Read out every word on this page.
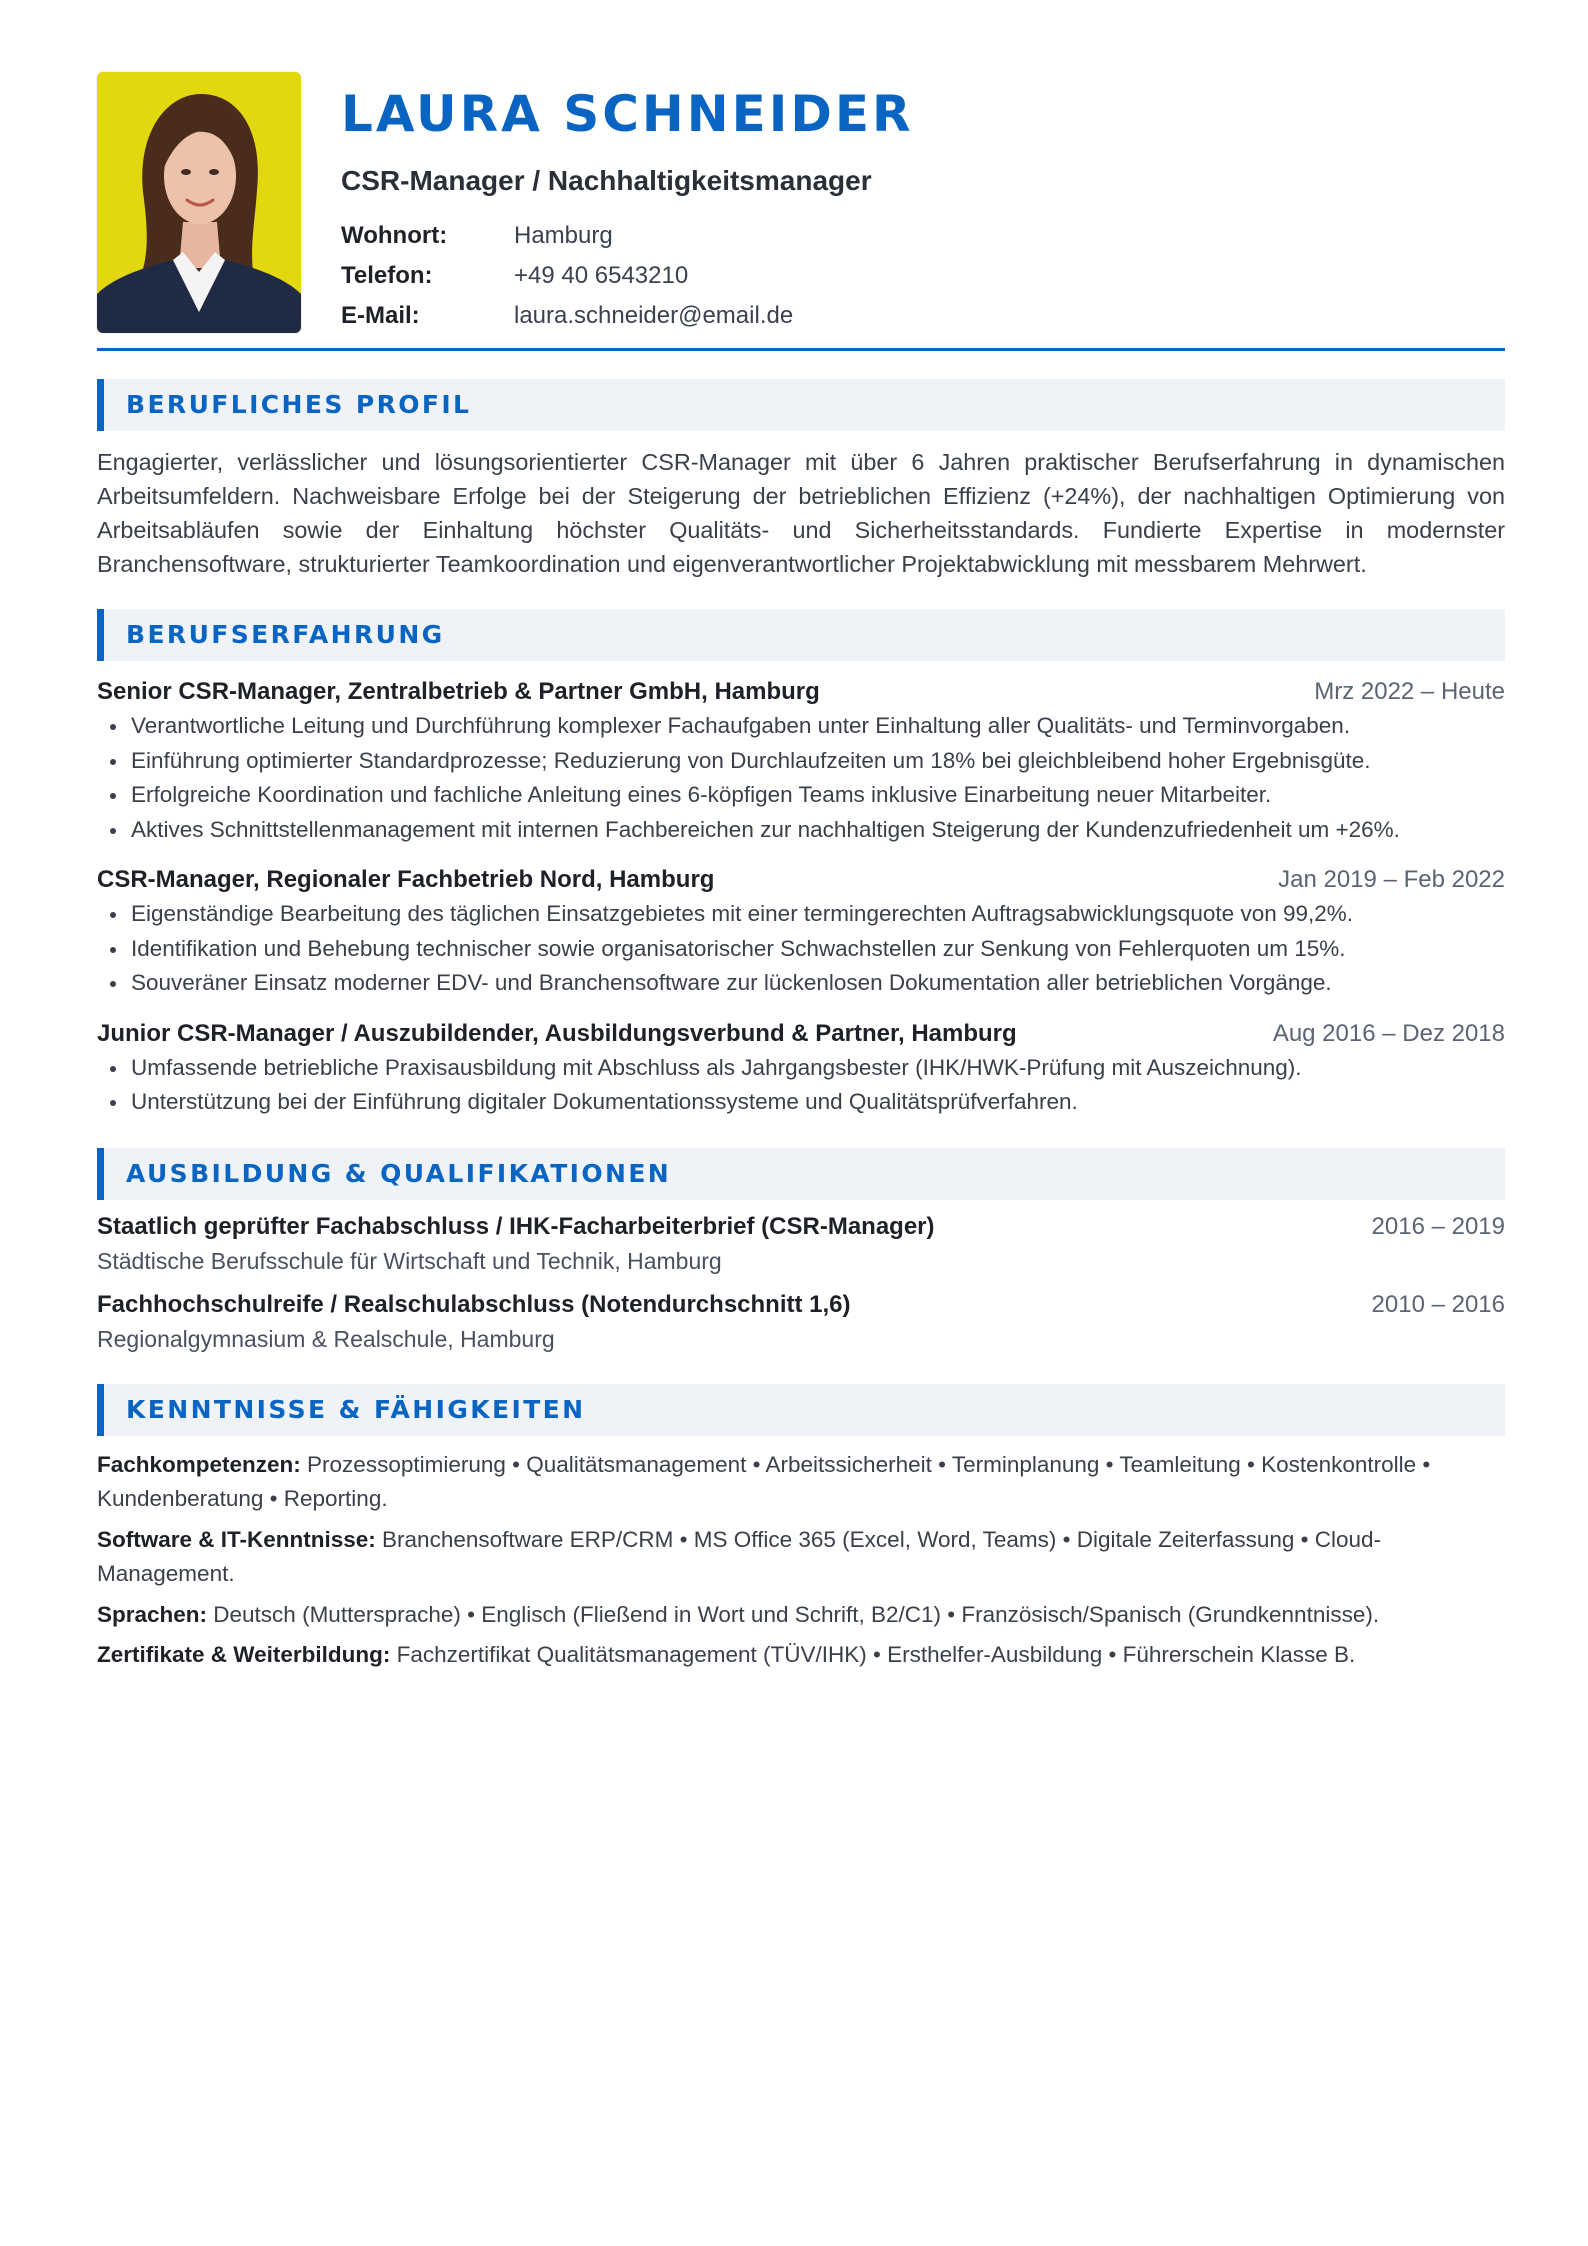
LAURA SCHNEIDER
CSR-Manager / Nachhaltigkeitsmanager
Wohnort:	Hamburg
Telefon:	+49 40 6543210
E-Mail:	laura.schneider@email.de
BERUFLICHES PROFIL
Engagierter, verlässlicher und lösungsorientierter CSR-Manager mit über 6 Jahren praktischer Berufserfahrung in dynamischen Arbeitsumfeldern. Nachweisbare Erfolge bei der Steigerung der betrieblichen Effizienz (+24%), der nachhaltigen Optimierung von Arbeitsabläufen sowie der Einhaltung höchster Qualitäts- und Sicherheitsstandards. Fundierte Expertise in modernster Branchensoftware, strukturierter Teamkoordination und eigenverantwortlicher Projektabwicklung mit messbarem Mehrwert.
BERUFSERFAHRUNG
Senior CSR-Manager, Zentralbetrieb & Partner GmbH, Hamburg	Mrz 2022 – Heute
Verantwortliche Leitung und Durchführung komplexer Fachaufgaben unter Einhaltung aller Qualitäts- und Terminvorgaben.
Einführung optimierter Standardprozesse; Reduzierung von Durchlaufzeiten um 18% bei gleichbleibend hoher Ergebnisgüte.
Erfolgreiche Koordination und fachliche Anleitung eines 6-köpfigen Teams inklusive Einarbeitung neuer Mitarbeiter.
Aktives Schnittstellenmanagement mit internen Fachbereichen zur nachhaltigen Steigerung der Kundenzufriedenheit um +26%.
CSR-Manager, Regionaler Fachbetrieb Nord, Hamburg	Jan 2019 – Feb 2022
Eigenständige Bearbeitung des täglichen Einsatzgebietes mit einer termingerechten Auftragsabwicklungsquote von 99,2%.
Identifikation und Behebung technischer sowie organisatorischer Schwachstellen zur Senkung von Fehlerquoten um 15%.
Souveräner Einsatz moderner EDV- und Branchensoftware zur lückenlosen Dokumentation aller betrieblichen Vorgänge.
Junior CSR-Manager / Auszubildender, Ausbildungsverbund & Partner, Hamburg	Aug 2016 – Dez 2018
Umfassende betriebliche Praxisausbildung mit Abschluss als Jahrgangsbester (IHK/HWK-Prüfung mit Auszeichnung).
Unterstützung bei der Einführung digitaler Dokumentationssysteme und Qualitätsprüfverfahren.
AUSBILDUNG & QUALIFIKATIONEN
Staatlich geprüfter Fachabschluss / IHK-Facharbeiterbrief (CSR-Manager)	2016 – 2019
Städtische Berufsschule für Wirtschaft und Technik, Hamburg
Fachhochschulreife / Realschulabschluss (Notendurchschnitt 1,6)	2010 – 2016
Regionalgymnasium & Realschule, Hamburg
KENNTNISSE & FÄHIGKEITEN
Fachkompetenzen: Prozessoptimierung • Qualitätsmanagement • Arbeitssicherheit • Terminplanung • Teamleitung • Kostenkontrolle • Kundenberatung • Reporting.
Software & IT-Kenntnisse: Branchensoftware ERP/CRM • MS Office 365 (Excel, Word, Teams) • Digitale Zeiterfassung • Cloud-Management.
Sprachen: Deutsch (Muttersprache) • Englisch (Fließend in Wort und Schrift, B2/C1) • Französisch/Spanisch (Grundkenntnisse).
Zertifikate & Weiterbildung: Fachzertifikat Qualitätsmanagement (TÜV/IHK) • Ersthelfer-Ausbildung • Führerschein Klasse B.
